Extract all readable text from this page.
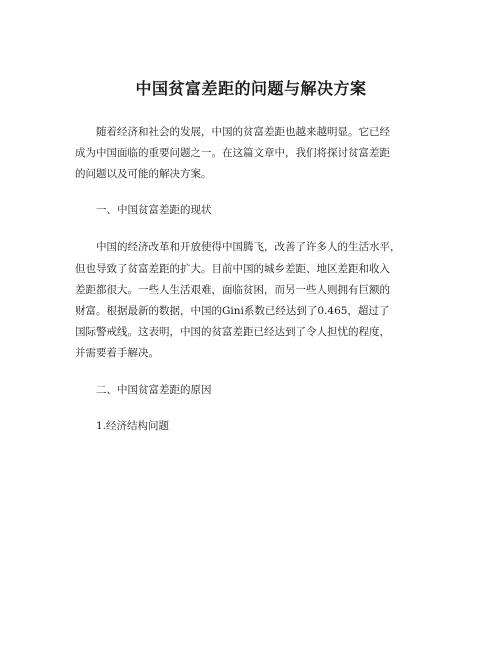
中国贫富差距的问题与解决方案

随着经济和社会的发展，中国的贫富差距也越来越明显。它已经

成为中国面临的重要问题之一。在这篇文章中，我们将探讨贫富差距

的问题以及可能的解决方案。

一、中国贫富差距的现状

中国的经济改革和开放使得中国腾飞，改善了许多人的生活水平，

但也导致了贫富差距的扩大。目前中国的城乡差距、地区差距和收入

差距都很大。一些人生活艰难，面临贫困，而另一些人则拥有巨额的

财富。根据最新的数据，中国的Gini系数已经达到了0.465，超过了

国际警戒线。这表明，中国的贫富差距已经达到了令人担忧的程度，

并需要着手解决。

二、中国贫富差距的原因

1.经济结构问题
